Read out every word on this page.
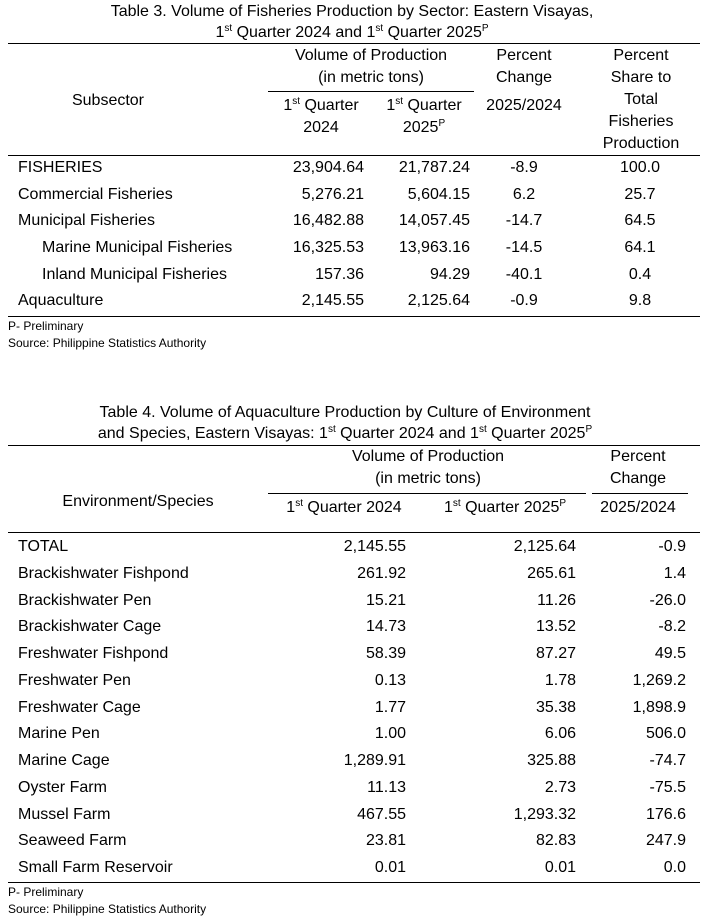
Table 3. Volume of Fisheries Production by Sector: Eastern Visayas,
1st Quarter 2024 and 1st Quarter $2025^P$
Subsector
Volume of Production
(in metric tons)
1st Quarter
2024
1st Quarter
$2025^P$
Percent
Change
2025/2024
Percent
Share to
Total
Fisheries
Production
FISHERIES	23,904.64	21,787.24	-8.9	100.0
Commercial Fisheries	5,276.21	5,604.15	6.2	25.7
Municipal Fisheries	16,482.88	14,057.45	-14.7	64.5
Marine Municipal Fisheries	16,325.53	13,963.16	-14.5	64.1
Inland Municipal Fisheries	157.36	94.29	-40.1	0.4
Aquaculture	2,145.55	2,125.64	-0.9	9.8
P- Preliminary
Source: Philippine Statistics Authority
Table 4. Volume of Aquaculture Production by Culture of Environment
and Species, Eastern Visayas: 1st Quarter 2024 and 1st Quarter $2025^P$
Environment/Species
Volume of Production
(in metric tons)
1st Quarter 2024	1st Quarter $2025^P$
Percent
Change
2025/2024
TOTAL	2,145.55	2,125.64	-0.9
Brackishwater Fishpond	261.92	265.61	1.4
Brackishwater Pen	15.21	11.26	-26.0
Brackishwater Cage	14.73	13.52	-8.2
Freshwater Fishpond	58.39	87.27	49.5
Freshwater Pen	0.13	1.78	1,269.2
Freshwater Cage	1.77	35.38	1,898.9
Marine Pen	1.00	6.06	506.0
Marine Cage	1,289.91	325.88	-74.7
Oyster Farm	11.13	2.73	-75.5
Mussel Farm	467.55	1,293.32	176.6
Seaweed Farm	23.81	82.83	247.9
Small Farm Reservoir	0.01	0.01	0.0
P- Preliminary
Source: Philippine Statistics Authority
